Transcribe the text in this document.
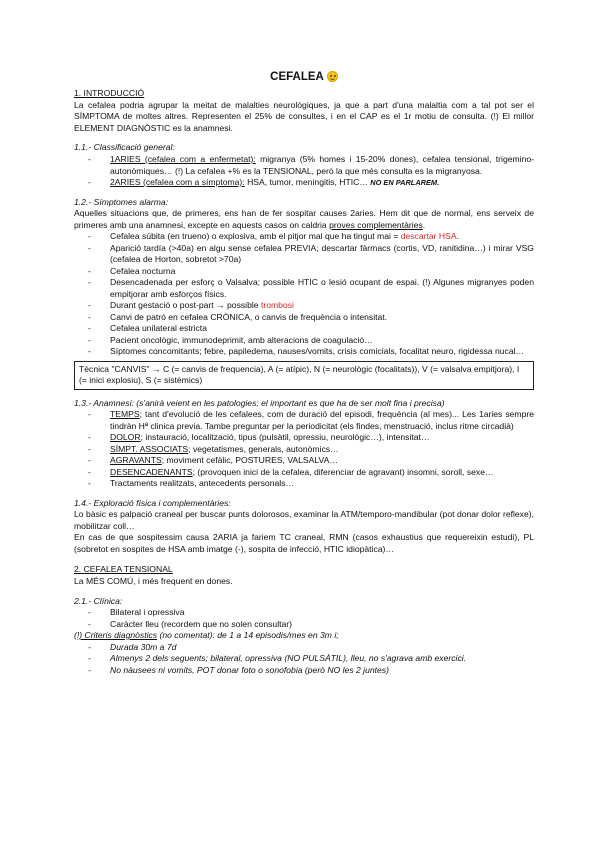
CEFALEA
1. INTRODUCCIÓ

La cefalea podria agrupar la meitat de malalties neurològiques, ja que a part d'una malaltia com a tal pot ser el SÍMPTOMA de moltes altres. Representen el 25% de consultes, i en el CAP es el 1r motiu de consulta. (!) El millor ELEMENT DIAGNÒSTIC es la anamnesi.

1.1.- Classificació general:
- 1ARIES (cefalea com a enfermetat): migranya (5% homes i 15-20% dones), cefalea tensional, trigemino-autonòmiques… (!) La cefalea +% es la TENSIONAL, però la que més consulta es la migranyosa.
- 2ARIES (cefalea com a símptoma): HSA, tumor, meningitis, HTIC… NO EN PARLAREM.
1.2.- Símptomes alarma:

Aquelles situacions que, de primeres, ens han de fer sospitar causes 2aries. Hem dit que de normal, ens serveix de primeres amb una anamnesi, excepte en aquests casos on caldria proves complementàries.

- Cefalea súbita (en trueno) o explosiva, amb el pitjor mal que ha tingut mai = descartar HSA.
- Aparició tardía (>40a) en algu sense cefalea PREVIA; descartar fàrmacs (cortis, VD, ranitidina…) i mirar VSG (cefalea de Horton, sobretot >70a)
- Cefalea nocturna
- Desencadenada per esforç o Valsalva; possible HTIC o lesió ocupant de espai. (!) Algunes migranyes poden empitjorar amb esforços físics.
- Durant gestació o post-part → possible trombosi
- Canvi de patró en cefalea CRÒNICA, o canvis de frequència o intensitat.
- Cefalea unilateral estricta
- Pacient oncològic, immunodeprimit, amb alteracions de coagulació…
- Síptomes concomitants; febre, papiledema, nauses/vomits, crisis comicials, focalitat neuro, rigidessa nucal…
Tècnica "CANVIS" → C (= canvis de frequencia), A (= atípic), N (= neurològic (focalitats)), V (= valsalva empitjora), I (= inici explosiu), S (= sistèmics)
1.3.- Anamnesi: (s'anirà veient en les patologies; el important es que ha de ser molt fina i precisa)
- TEMPS; tant d'evolució de les cefalees, com de duració del episodi, frequència (al mes)... Les 1aries sempre tindràn Hª clinica previa. Tambe preguntar per la periodicitat (els findes, menstruació, inclus ritme circadià)
- DOLOR; instauració, localització, tipus (pulsàtil, opressiu, neurològic…), intensitat…
- SÍMPT. ASSOCIATS; vegetatismes, generals, autonòmics…
- AGRAVANTS; moviment cefàlic, POSTURES, VALSALVA…
- DESENCADENANTS; (provoquen inici de la cefalea, diferenciar de agravant) insomni, soroll, sexe…
- Tractaments realitzats, antecedents personals…
1.4.- Exploració física i complementàries:

Lo bàsic es palpació craneal per buscar punts dolorosos, examinar la ATM/temporo-mandibular (pot donar dolor reflexe), mobilitzar coll…

En cas de que sospitessim causa 2ARIA ja fariem TC craneal, RMN (casos exhaustius que requereixin estudi), PL (sobretot en sospites de HSA amb imatge (-), sospita de infecció, HTIC idiopàtica)…

2. CEFALEA TENSIONAL

La MÉS COMÚ, i més frequent en dones.

2.1.- Clínica:
- Bilateral i opressiva
- Caràcter lleu (recordem que no solen consultar)
(!) Criteris diagnòstics (no comentat): de 1 a 14 episodis/mes en 3m i;
- Durada 30m a 7d
- Almenys 2 dels seguents; bilateral, opressiva (NO PULSÀTIL), lleu, no s'agrava amb exercici.
- No nàusees ni vomits, POT donar foto o sonofobia (però NO les 2 juntes)
